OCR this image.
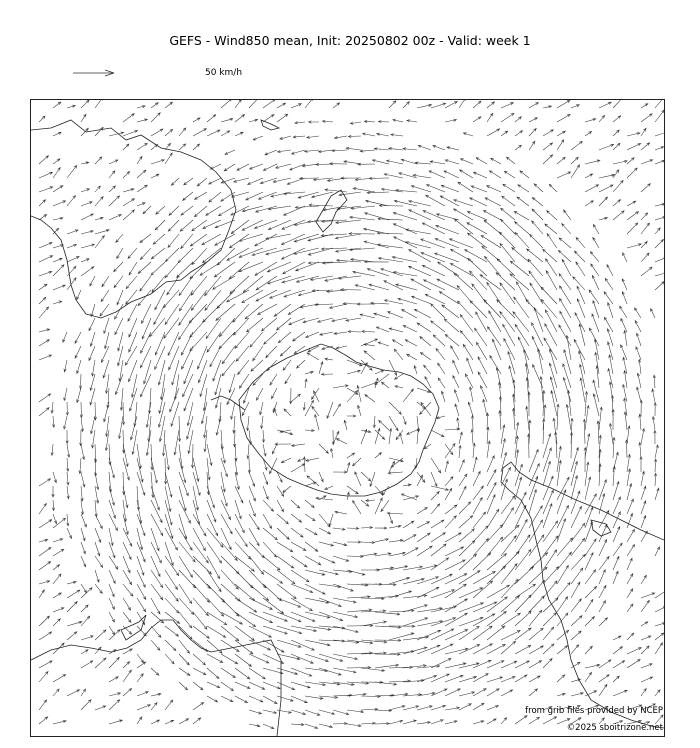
GEFS - Wind850 mean, Init: 20250802 00z - Valid: week 1
50 km/h
from grib files provided by NCEP
©2025 sboitrizone.net
